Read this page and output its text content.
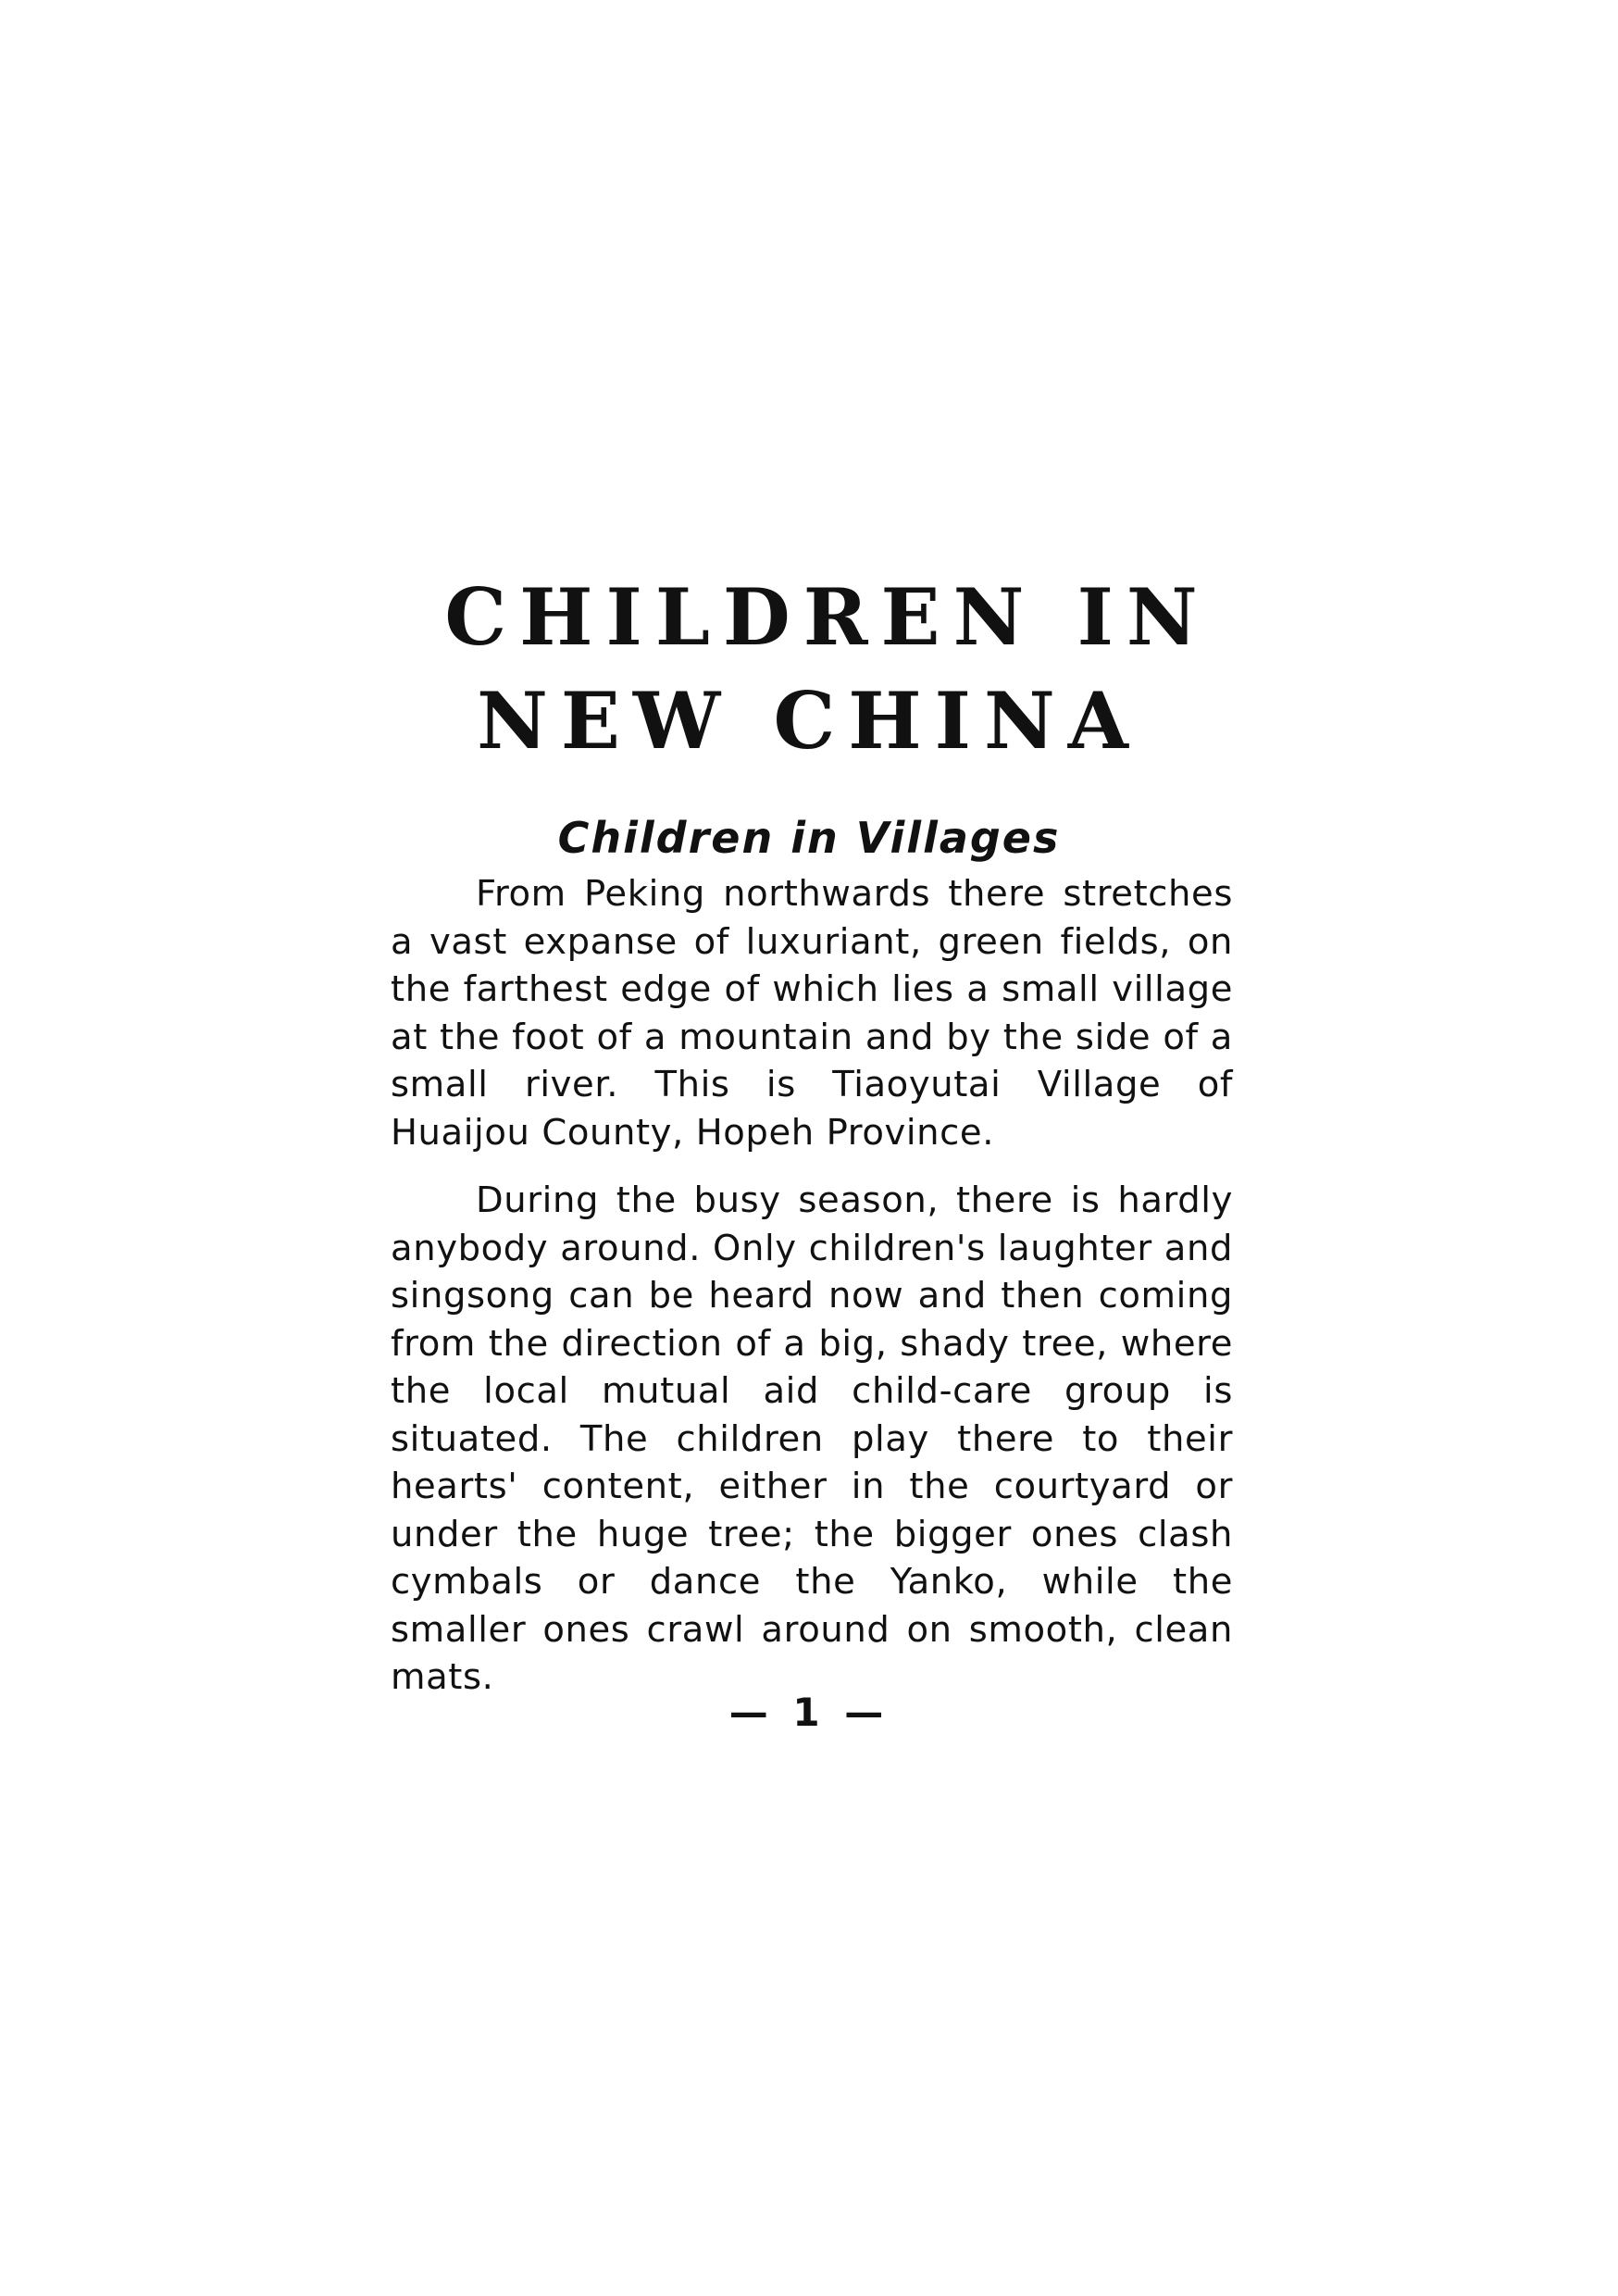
CHILDREN IN
NEW CHINA
Children in Villages

From Peking northwards there stretches a vast expanse of luxuriant, green fields, on the farthest edge of which lies a small village at the foot of a mountain and by the side of a small river. This is Tiaoyutai Village of Huaijou County, Hopeh Province.

During the busy season, there is hardly anybody around. Only children's laughter and singsong can be heard now and then coming from the direction of a big, shady tree, where the local mutual aid child-care group is situated. The children play there to their hearts' content, either in the courtyard or under the huge tree; the bigger ones clash cymbals or dance the Yanko, while the smaller ones crawl around on smooth, clean mats.

— 1 —
